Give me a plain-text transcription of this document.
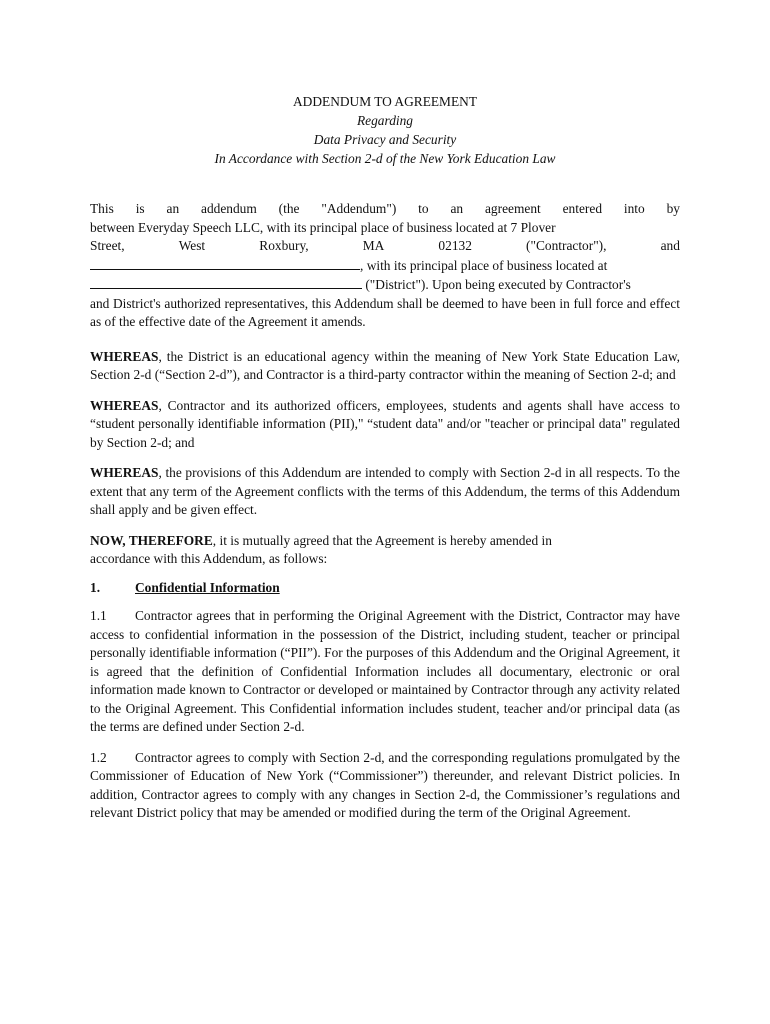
ADDENDUM TO AGREEMENT
Regarding
Data Privacy and Security
In Accordance with Section 2-d of the New York Education Law
This is an addendum (the "Addendum") to an agreement entered into by
between Everyday Speech LLC, with its principal place of business located at 7 Plover
Street,	West	Roxbury,	MA	02132	("Contractor"),	and
, with its principal place of business located at
("District"). Upon being executed by Contractor's

and District's authorized representatives, this Addendum shall be deemed to have been in full force and effect as of the effective date of the Agreement it amends.

WHEREAS, the District is an educational agency within the meaning of New York State Education Law, Section 2-d (“Section 2-d”), and Contractor is a third-party contractor within the meaning of Section 2-d; and

WHEREAS, Contractor and its authorized officers, employees, students and agents shall have access to “student personally identifiable information (PII)," “student data" and/or "teacher or principal data" regulated by Section 2-d; and

WHEREAS, the provisions of this Addendum are intended to comply with Section 2-d in all respects. To the extent that any term of the Agreement conflicts with the terms of this Addendum, the terms of this Addendum shall apply and be given effect.

NOW, THEREFORE, it is mutually agreed that the Agreement is hereby amended in
accordance with this Addendum, as follows:
1.	Confidential Information

1.1 Contractor agrees that in performing the Original Agreement with the District, Contractor may have access to confidential information in the possession of the District, including student, teacher or principal personally identifiable information (“PII”). For the purposes of this Addendum and the Original Agreement, it is agreed that the definition of Confidential Information includes all documentary, electronic or oral information made known to Contractor or developed or maintained by Contractor through any activity related to the Original Agreement. This Confidential information includes student, teacher and/or principal data (as the terms are defined under Section 2-d.

1.2 Contractor agrees to comply with Section 2-d, and the corresponding regulations promulgated by the Commissioner of Education of New York (“Commissioner”) thereunder, and relevant District policies. In addition, Contractor agrees to comply with any changes in Section 2-d, the Commissioner’s regulations and relevant District policy that may be amended or modified during the term of the Original Agreement.
